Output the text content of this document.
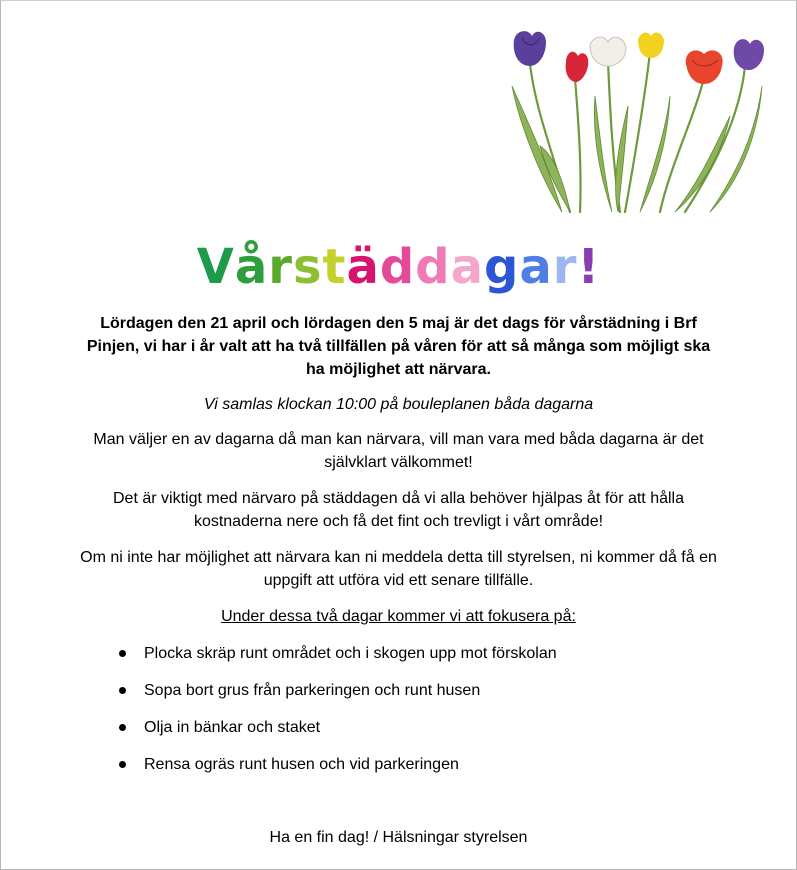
Vårstäddagar!
Lördagen den 21 april och lördagen den 5 maj är det dags för vårstädning i Brf Pinjen, vi har i år valt att ha två tillfällen på våren för att så många som möjligt ska ha möjlighet att närvara.
Vi samlas klockan 10:00 på bouleplanen båda dagarna
Man väljer en av dagarna då man kan närvara, vill man vara med båda dagarna är det självklart välkommet!
Det är viktigt med närvaro på städdagen då vi alla behöver hjälpas åt för att hålla kostnaderna nere och få det fint och trevligt i vårt område!
Om ni inte har möjlighet att närvara kan ni meddela detta till styrelsen, ni kommer då få en uppgift att utföra vid ett senare tillfälle.
Under dessa två dagar kommer vi att fokusera på:
Plocka skräp runt området och i skogen upp mot förskolan
Sopa bort grus från parkeringen och runt husen
Olja in bänkar och staket
Rensa ogräs runt husen och vid parkeringen
Ha en fin dag! / Hälsningar styrelsen
